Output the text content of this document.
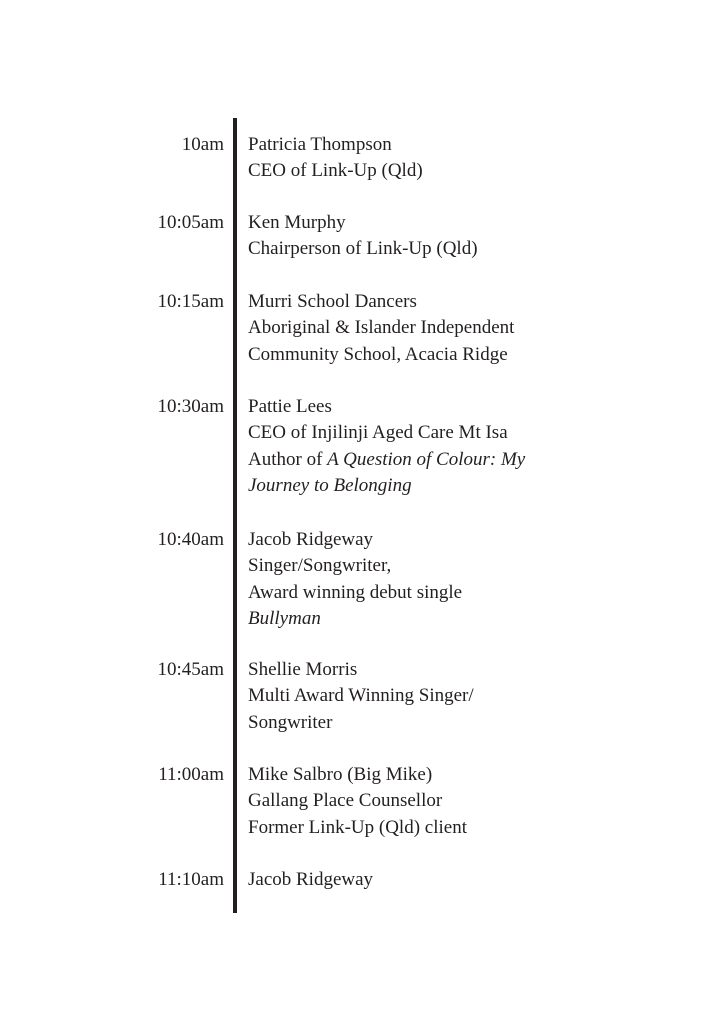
10am Patricia Thompson
CEO of Link-Up (Qld)
10:05am Ken Murphy
Chairperson of Link-Up (Qld)
10:15am Murri School Dancers
Aboriginal & Islander Independent
Community School, Acacia Ridge
10:30am Pattie Lees
CEO of Injilinji Aged Care Mt Isa
Author of A Question of Colour: My
Journey to Belonging
10:40am Jacob Ridgeway
Singer/Songwriter,
Award winning debut single
Bullyman
10:45am Shellie Morris
Multi Award Winning Singer/
Songwriter
11:00am Mike Salbro (Big Mike)
Gallang Place Counsellor
Former Link-Up (Qld) client
11:10am Jacob Ridgeway
